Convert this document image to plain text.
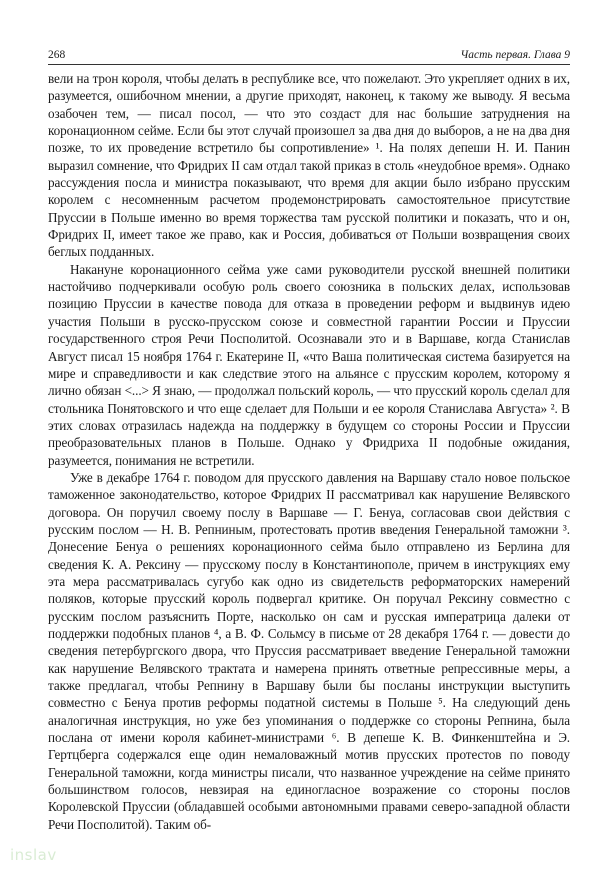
268	Часть первая. Глава 9

вели на трон короля, чтобы делать в республике все, что пожелают. Это укрепляет одних в их, разумеется, ошибочном мнении, а другие приходят, наконец, к такому же выводу. Я весьма озабочен тем, — писал посол, — что это создаст для нас большие затруднения на коронационном сейме. Если бы этот случай произошел за два дня до выборов, а не на два дня позже, то их проведение встретило бы сопротивление» ¹. На полях депеши Н. И. Панин выразил сомнение, что Фридрих II сам отдал такой приказ в столь «неудобное время». Однако рассуждения посла и министра показывают, что время для акции было избрано прусским королем с несомненным расчетом продемонстрировать самостоятельное присутствие Пруссии в Польше именно во время торжества там русской политики и показать, что и он, Фридрих II, имеет такое же право, как и Россия, добиваться от Польши возвращения своих беглых подданных.

Накануне коронационного сейма уже сами руководители русской внешней политики настойчиво подчеркивали особую роль своего союзника в польских делах, использовав позицию Пруссии в качестве повода для отказа в проведении реформ и выдвинув идею участия Польши в русско-прусском союзе и совместной гарантии России и Пруссии государственного строя Речи Посполитой. Осознавали это и в Варшаве, когда Станислав Август писал 15 ноября 1764 г. Екатерине II, «что Ваша политическая система базируется на мире и справедливости и как следствие этого на альянсе с прусским королем, которому я лично обязан <...> Я знаю, — продолжал польский король, — что прусский король сделал для стольника Понятовского и что еще сделает для Польши и ее короля Станислава Августа» ². В этих словах отразилась надежда на поддержку в будущем со стороны России и Пруссии преобразовательных планов в Польше. Однако у Фридриха II подобные ожидания, разумеется, понимания не встретили.

Уже в декабре 1764 г. поводом для прусского давления на Варшаву стало новое польское таможенное законодательство, которое Фридрих II рассматривал как нарушение Велявского договора. Он поручил своему послу в Варшаве — Г. Бенуа, согласовав свои действия с русским послом — Н. В. Репниным, протестовать против введения Генеральной таможни ³. Донесение Бенуа о решениях коронационного сейма было отправлено из Берлина для сведения К. А. Рексину — прусскому послу в Константинополе, причем в инструкциях ему эта мера рассматривалась сугубо как одно из свидетельств реформаторских намерений поляков, которые прусский король подвергал критике. Он поручал Рексину совместно с русским послом разъяснить Порте, насколько он сам и русская императрица далеки от поддержки подобных планов ⁴, а В. Ф. Сольмсу в письме от 28 декабря 1764 г. — довести до сведения петербургского двора, что Пруссия рассматривает введение Генеральной таможни как нарушение Велявского трактата и намерена принять ответные репрессивные меры, а также предлагал, чтобы Репнину в Варшаву были бы посланы инструкции выступить совместно с Бенуа против реформы податной системы в Польше ⁵. На следующий день аналогичная инструкция, но уже без упоминания о поддержке со стороны Репнина, была послана от имени короля кабинет-министрами ⁶. В депеше К. В. Финкенштейна и Э. Гертцберга содержался еще один немаловажный мотив прусских протестов по поводу Генеральной таможни, когда министры писали, что названное учреждение на сейме принято большинством голосов, невзирая на единогласное возражение со стороны послов Королевской Пруссии (обладавшей особыми автономными правами северо-западной области Речи Посполитой). Таким об-

inslav
